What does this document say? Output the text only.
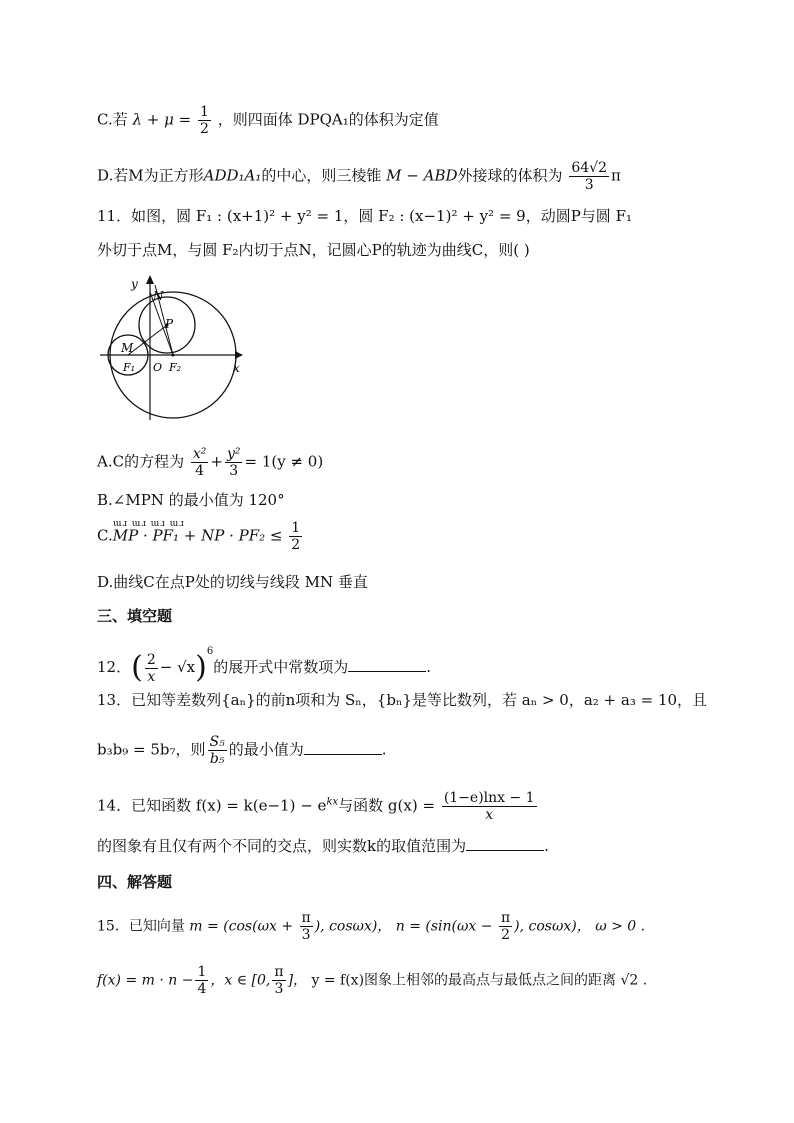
C.若 $\lambda + \mu = \frac{1}{2}$ ，则四面体 DPQA₁的体积为定值
D.若M为正方形ADD₁A₁的中心，则三棱锥 M − ABD外接球的体积为 $\frac{64√2}{3}$ π
11．如图，圆 F₁ : (x+1)² + y² = 1，圆 F₂ : (x−1)² + y² = 9，动圆P与圆 F₁
外切于点M，与圆 F₂内切于点N，记圆心P的轨迹为曲线C，则( )
y
x
N
P
M
F₁ O F₂
A.C的方程为 $\frac{\text{x²}}{4} + \frac{\text{y²}}{3} = 1(y \ne 0)$
B.∠MPN 的最小值为 120°
ɯɹ ɯɹ ɯɹ ɯɹ
C.MP · PF₁ + NP · $PF_2 \le \frac{1}{2}$
D.曲线C在点P处的切线与线段 MN 垂直
三、填空题
12．( $\frac{2}{x} - √x)^6$的展开式中常数项为	.
13．已知等差数列{aₙ}的前n项和为 Sₙ，{bₙ}是等比数列，若 aₙ > 0，a₂ + a₃ = 10，且
b₃b₉ = 5b₇，则 $\frac{\text{S₅}}{\text{b₅}}$ 的最小值为	.
14．已知函数 $f(x) = k(e-1) - e^{kx}$与函数 $g(x) = \frac{(1-e)\ln x - 1}{x}$
的图象有且仅有两个不同的交点，则实数k的取值范围为	.
四、解答题
15．已知向量 $m = (\cos(\omega x + \frac{\pi}{3}$ ), cosωx)， $n = (\sin(\omega x - \frac{\pi}{2}$ ), cosωx)， ω > 0 .
$f(x) = m \cdot n - \frac{1}{4}$ ，x ∈ [0, $\frac{\pi}{3}$ ]， y = f(x)图象上相邻的最高点与最低点之间的距离 √2 .
